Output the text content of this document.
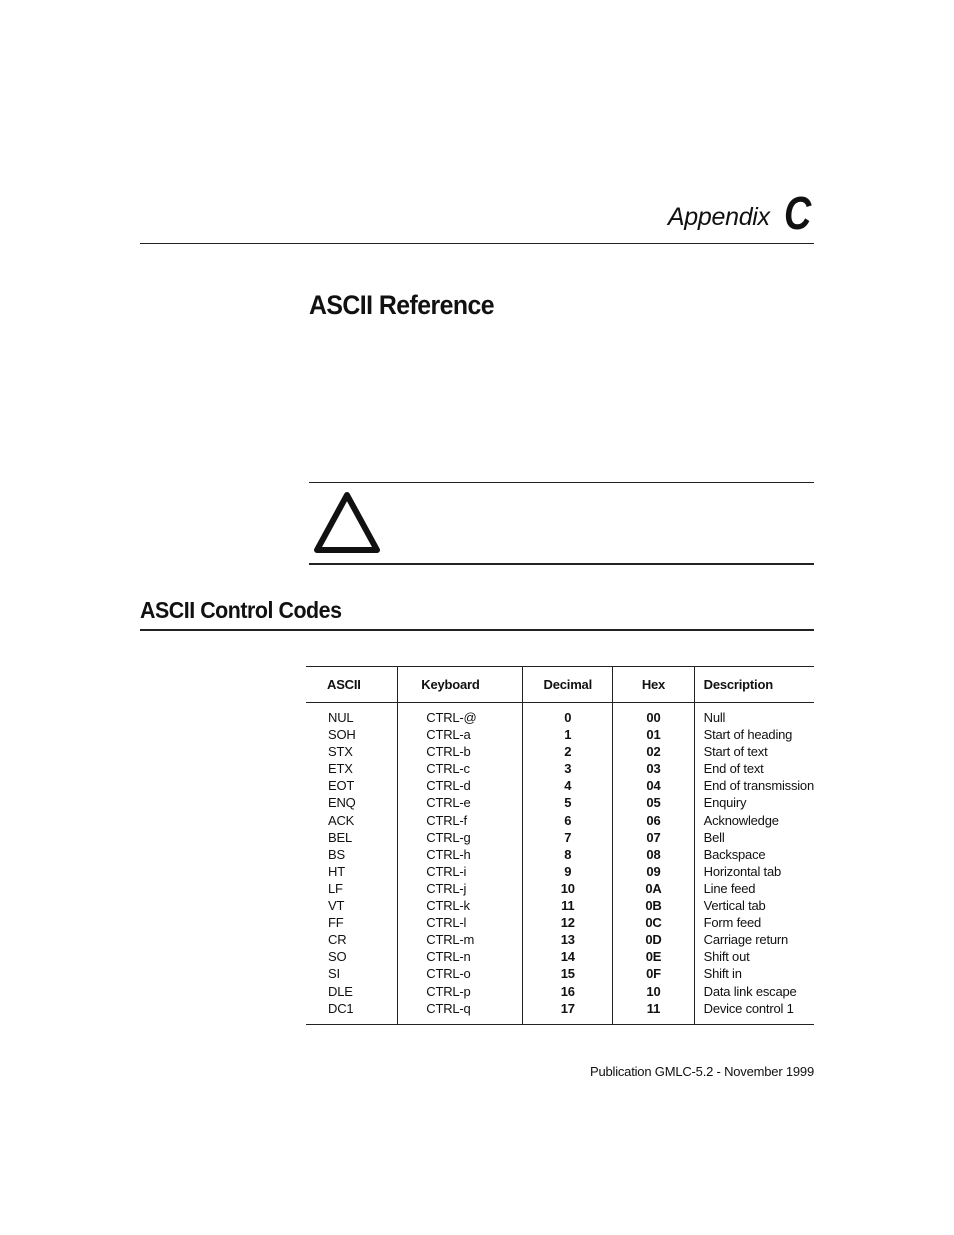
Appendix C
ASCII Reference
ASCII Control Codes
ASCII	Keyboard	Decimal	Hex	Description
NUL	CTRL-@	0	00	Null
SOH	CTRL-a	1	01	Start of heading
STX	CTRL-b	2	02	Start of text
ETX	CTRL-c	3	03	End of text
EOT	CTRL-d	4	04	End of transmission
ENQ	CTRL-e	5	05	Enquiry
ACK	CTRL-f	6	06	Acknowledge
BEL	CTRL-g	7	07	Bell
BS	CTRL-h	8	08	Backspace
HT	CTRL-i	9	09	Horizontal tab
LF	CTRL-j	10	0A	Line feed
VT	CTRL-k	11	0B	Vertical tab
FF	CTRL-l	12	0C	Form feed
CR	CTRL-m	13	0D	Carriage return
SO	CTRL-n	14	0E	Shift out
SI	CTRL-o	15	0F	Shift in
DLE	CTRL-p	16	10	Data link escape
DC1	CTRL-q	17	11	Device control 1
Publication GMLC-5.2 - November 1999
